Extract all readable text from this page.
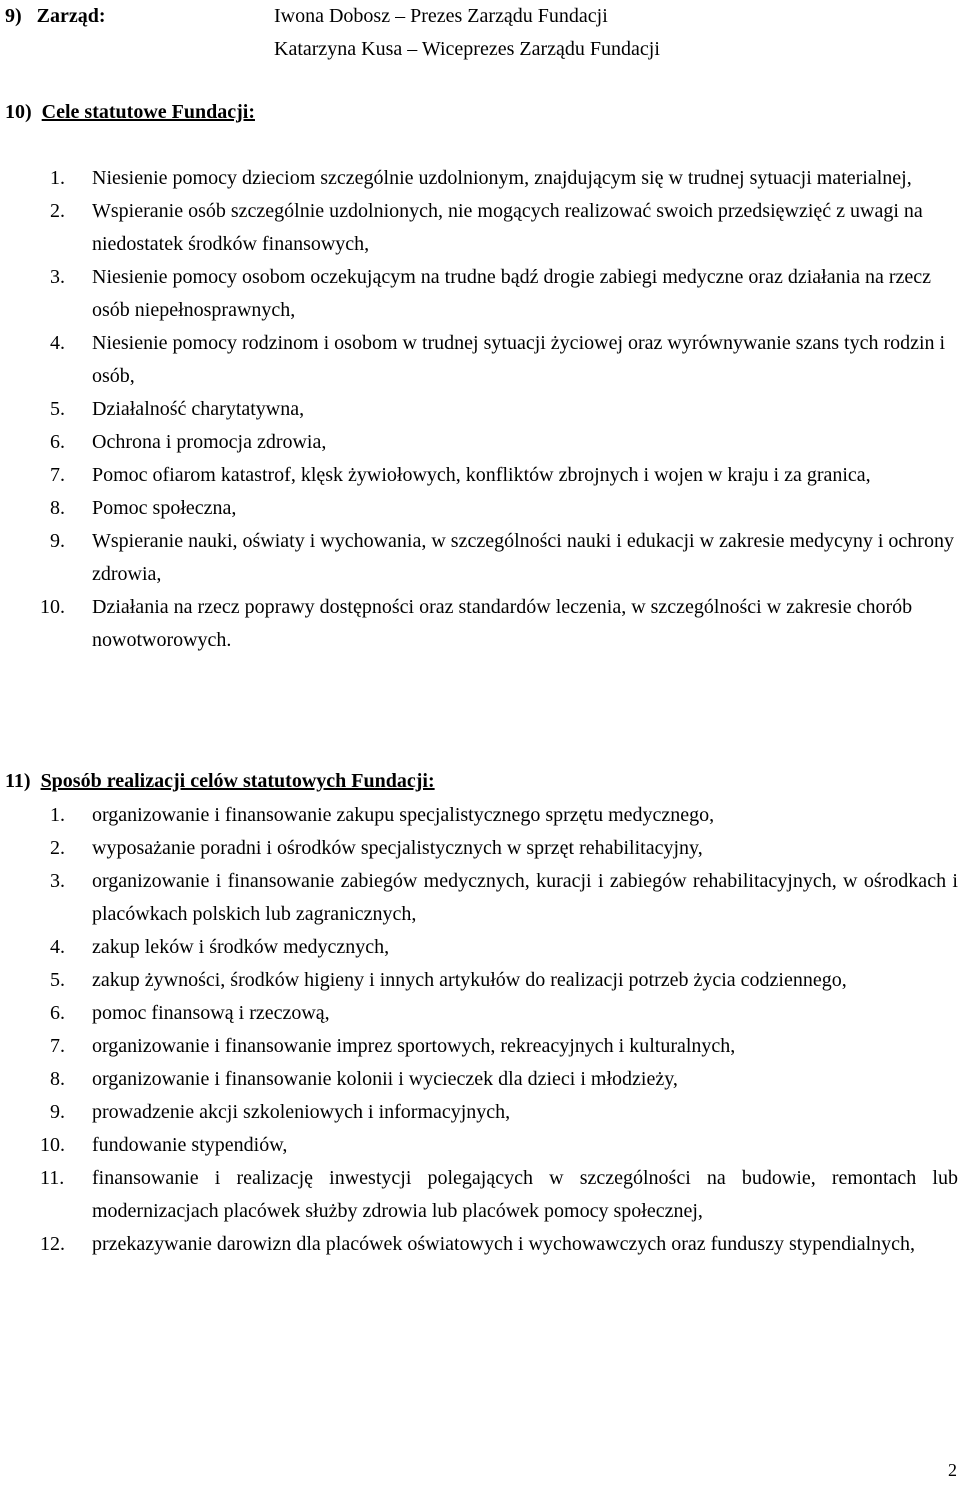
9)   Zarząd:	Iwona Dobosz – Prezes Zarządu Fundacji
Katarzyna Kusa – Wiceprezes Zarządu Fundacji
10) Cele statutowe Fundacji:
1. Niesienie pomocy dzieciom szczególnie uzdolnionym, znajdującym się w trudnej sytuacji materialnej,
2. Wspieranie osób szczególnie uzdolnionych, nie mogących realizować swoich przedsięwzięć z uwagi na niedostatek środków finansowych,
3. Niesienie pomocy osobom oczekującym na trudne bądź drogie zabiegi medyczne oraz działania na rzecz osób niepełnosprawnych,
4. Niesienie pomocy rodzinom i osobom w trudnej sytuacji życiowej oraz wyrównywanie szans tych rodzin i osób,
5. Działalność charytatywna,
6. Ochrona i promocja zdrowia,
7. Pomoc ofiarom katastrof, klęsk żywiołowych, konfliktów zbrojnych i wojen w kraju i za granica,
8. Pomoc społeczna,
9. Wspieranie nauki, oświaty i wychowania, w szczególności nauki i edukacji w zakresie medycyny i ochrony zdrowia,
10. Działania na rzecz poprawy dostępności oraz standardów leczenia, w szczególności w zakresie chorób nowotworowych.
11) Sposób realizacji celów statutowych Fundacji:
1. organizowanie i finansowanie zakupu specjalistycznego sprzętu medycznego,
2. wyposażanie poradni i ośrodków specjalistycznych w sprzęt rehabilitacyjny,
3. organizowanie i finansowanie zabiegów medycznych, kuracji i zabiegów rehabilitacyjnych, w ośrodkach i placówkach polskich lub zagranicznych,
4. zakup leków i środków medycznych,
5. zakup żywności, środków higieny i innych artykułów do realizacji potrzeb życia codziennego,
6. pomoc finansową i rzeczową,
7. organizowanie i finansowanie imprez sportowych, rekreacyjnych i kulturalnych,
8. organizowanie i finansowanie kolonii i wycieczek dla dzieci i młodzieży,
9. prowadzenie akcji szkoleniowych i informacyjnych,
10. fundowanie stypendiów,
11. finansowanie i realizację inwestycji polegających w szczególności na budowie, remontach lub modernizacjach placówek służby zdrowia lub placówek pomocy społecznej,
12. przekazywanie darowizn dla placówek oświatowych i wychowawczych oraz funduszy stypendialnych,
2
